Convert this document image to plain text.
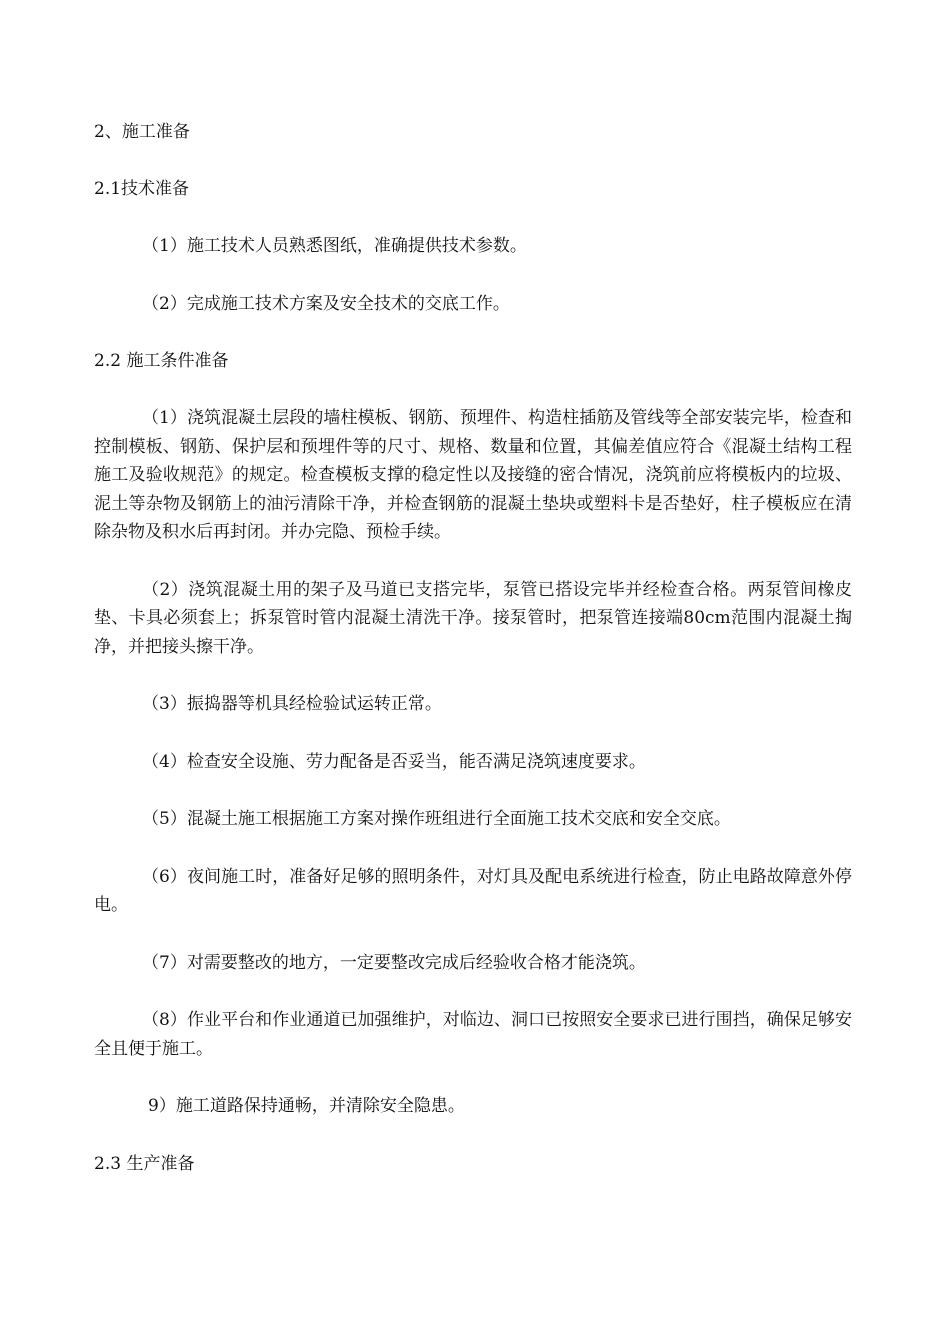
2、施工准备
2.1技术准备

（1）施工技术人员熟悉图纸，准确提供技术参数。

（2）完成施工技术方案及安全技术的交底工作。

2.2 施工条件准备

（1）浇筑混凝土层段的墙柱模板、钢筋、预埋件、构造柱插筋及管线等全部安装完毕，检查和控制模板、钢筋、保护层和预埋件等的尺寸、规格、数量和位置，其偏差值应符合《混凝土结构工程施工及验收规范》的规定。检查模板支撑的稳定性以及接缝的密合情况，浇筑前应将模板内的垃圾、泥土等杂物及钢筋上的油污清除干净，并检查钢筋的混凝土垫块或塑料卡是否垫好，柱子模板应在清除杂物及积水后再封闭。并办完隐、预检手续。

（2）浇筑混凝土用的架子及马道已支搭完毕，泵管已搭设完毕并经检查合格。两泵管间橡皮垫、卡具必须套上；拆泵管时管内混凝土清洗干净。接泵管时，把泵管连接端80cm范围内混凝土掏净，并把接头擦干净。

（3）振捣器等机具经检验试运转正常。

（4）检查安全设施、劳力配备是否妥当，能否满足浇筑速度要求。

（5）混凝土施工根据施工方案对操作班组进行全面施工技术交底和安全交底。

（6）夜间施工时，准备好足够的照明条件，对灯具及配电系统进行检查，防止电路故障意外停电。

（7）对需要整改的地方，一定要整改完成后经验收合格才能浇筑。

（8）作业平台和作业通道已加强维护，对临边、洞口已按照安全要求已进行围挡，确保足够安全且便于施工。

9）施工道路保持通畅，并清除安全隐患。

2.3 生产准备
